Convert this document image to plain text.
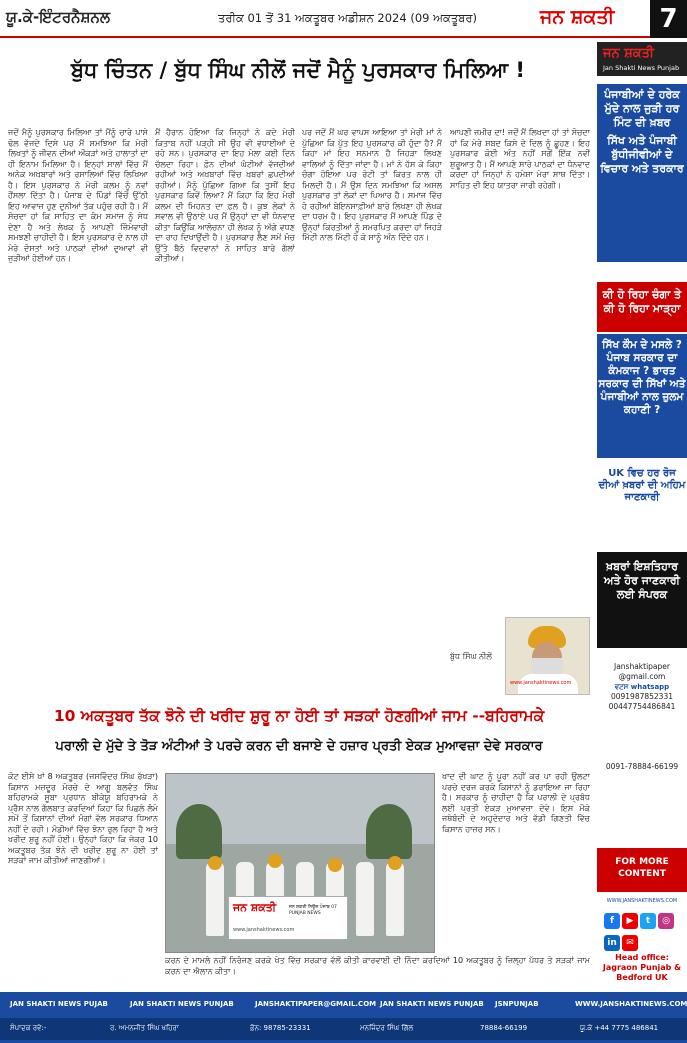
ਯੂ.ਕੇ-ਇੰਟਰਨੈਸ਼ਨਲ	ਤਰੀਕ 01 ਤੋਂ 31 ਅਕਤੂਬਰ ਅਡੀਸ਼ਨ 2024 (09 ਅਕਤੂਬਰ)	ਜਨ ਸ਼ਕਤੀ	7
ਬੁੱਧ ਚਿੰਤਨ / ਬੁੱਧ ਸਿੰਘ ਨੀਲੋਂ ਜਦੋਂ ਮੈਨੂੰ ਪੁਰਸਕਾਰ ਮਿਲਿਆ !
ਜਦੋਂ ਮੈਨੂੰ ਪੁਰਸਕਾਰ ਮਿਲਿਆ ਤਾਂ ਮੈਂਨੂੰ ਚਾਰੇ ਪਾਸੇ ਢੋਲ ਵੱਜਦੇ ਦਿਸੇ ਪਰ ਮੈਂ ਸਮਝਿਆ ਕਿ ਮੇਰੀ ਲਿਖਤਾਂ ਨੂੰ ਜੀਵਨ ਦੀਆਂ ਔਕੜਾਂ ਅਤੇ ਹਾਲਾਤਾਂ ਦਾ ਹੀ ਇਨਾਮ ਮਿਲਿਆ ਹੈ। ਇਨ੍ਹਾਂ ਸਾਲਾਂ ਵਿੱਚ ਮੈਂ ਅਨੇਕ ਅਖ਼ਬਾਰਾਂ ਅਤੇ ਰਸਾਲਿਆਂ ਵਿੱਚ ਲਿਖਿਆ ਹੈ। ਇਸ ਪੁਰਸਕਾਰ ਨੇ ਮੇਰੀ ਕਲਮ ਨੂੰ ਨਵਾਂ ਹੌਂਸਲਾ ਦਿੱਤਾ ਹੈ। ਪੰਜਾਬ ਦੇ ਪਿੰਡਾਂ ਵਿੱਚੋਂ ਉੱਠੀ ਇਹ ਆਵਾਜ਼ ਹੁਣ ਦੁਨੀਆਂ ਤੱਕ ਪਹੁੰਚ ਰਹੀ ਹੈ। ਮੈਂ ਸੋਚਦਾ ਹਾਂ ਕਿ ਸਾਹਿਤ ਦਾ ਕੰਮ ਸਮਾਜ ਨੂੰ ਸੇਧ ਦੇਣਾ ਹੈ ਅਤੇ ਲੇਖਕ ਨੂੰ ਆਪਣੀ ਜ਼ਿੰਮੇਵਾਰੀ ਸਮਝਣੀ ਚਾਹੀਦੀ ਹੈ। ਇਸ ਪੁਰਸਕਾਰ ਦੇ ਨਾਲ ਹੀ ਮੇਰੇ ਦੋਸਤਾਂ ਅਤੇ ਪਾਠਕਾਂ ਦੀਆਂ ਦੁਆਵਾਂ ਵੀ ਜੁੜੀਆਂ ਹੋਈਆਂ ਹਨ।
ਮੈਂ ਹੈਰਾਨ ਹੋਇਆ ਕਿ ਜਿਨ੍ਹਾਂ ਨੇ ਕਦੇ ਮੇਰੀ ਕਿਤਾਬ ਨਹੀਂ ਪੜ੍ਹੀ ਸੀ ਉਹ ਵੀ ਵਧਾਈਆਂ ਦੇ ਰਹੇ ਸਨ। ਪੁਰਸਕਾਰ ਦਾ ਇਹ ਮੇਲਾ ਕਈ ਦਿਨ ਚੱਲਦਾ ਰਿਹਾ। ਫ਼ੋਨ ਦੀਆਂ ਘੰਟੀਆਂ ਵੱਜਦੀਆਂ ਰਹੀਆਂ ਅਤੇ ਅਖ਼ਬਾਰਾਂ ਵਿੱਚ ਖ਼ਬਰਾਂ ਛਪਦੀਆਂ ਰਹੀਆਂ। ਮੈਨੂੰ ਪੁੱਛਿਆ ਗਿਆ ਕਿ ਤੁਸੀਂ ਇਹ ਪੁਰਸਕਾਰ ਕਿਵੇਂ ਲਿਆ? ਮੈਂ ਕਿਹਾ ਕਿ ਇਹ ਮੇਰੀ ਕਲਮ ਦੀ ਮਿਹਨਤ ਦਾ ਫ਼ਲ ਹੈ। ਕੁਝ ਲੋਕਾਂ ਨੇ ਸਵਾਲ ਵੀ ਉਠਾਏ ਪਰ ਮੈਂ ਉਨ੍ਹਾਂ ਦਾ ਵੀ ਧੰਨਵਾਦ ਕੀਤਾ ਕਿਉਂਕਿ ਆਲੋਚਨਾ ਹੀ ਲੇਖਕ ਨੂੰ ਅੱਗੇ ਵਧਣ ਦਾ ਰਾਹ ਦਿਖਾਉਂਦੀ ਹੈ। ਪੁਰਸਕਾਰ ਲੈਣ ਸਮੇਂ ਮੰਚ ਉੱਤੇ ਬੈਠੇ ਵਿਦਵਾਨਾਂ ਨੇ ਸਾਹਿਤ ਬਾਰੇ ਗੱਲਾਂ ਕੀਤੀਆਂ।
ਪਰ ਜਦੋਂ ਮੈਂ ਘਰ ਵਾਪਸ ਆਇਆ ਤਾਂ ਮੇਰੀ ਮਾਂ ਨੇ ਪੁੱਛਿਆ ਕਿ ਪੁੱਤ ਇਹ ਪੁਰਸਕਾਰ ਕੀ ਹੁੰਦਾ ਹੈ? ਮੈਂ ਕਿਹਾ ਮਾਂ ਇਹ ਸਨਮਾਨ ਹੈ ਜਿਹੜਾ ਲਿਖਣ ਵਾਲਿਆਂ ਨੂੰ ਦਿੱਤਾ ਜਾਂਦਾ ਹੈ। ਮਾਂ ਨੇ ਹੱਸ ਕੇ ਕਿਹਾ ਚੰਗਾ ਹੋਇਆ ਪਰ ਰੋਟੀ ਤਾਂ ਕਿਰਤ ਨਾਲ ਹੀ ਮਿਲਦੀ ਹੈ। ਮੈਂ ਉਸ ਦਿਨ ਸਮਝਿਆ ਕਿ ਅਸਲ ਪੁਰਸਕਾਰ ਤਾਂ ਲੋਕਾਂ ਦਾ ਪਿਆਰ ਹੈ। ਸਮਾਜ ਵਿੱਚ ਹੋ ਰਹੀਆਂ ਬੇਇਨਸਾਫ਼ੀਆਂ ਬਾਰੇ ਲਿਖਣਾ ਹੀ ਲੇਖਕ ਦਾ ਧਰਮ ਹੈ। ਇਹ ਪੁਰਸਕਾਰ ਮੈਂ ਆਪਣੇ ਪਿੰਡ ਦੇ ਉਨ੍ਹਾਂ ਕਿਰਤੀਆਂ ਨੂੰ ਸਮਰਪਿਤ ਕਰਦਾ ਹਾਂ ਜਿਹੜੇ ਮਿੱਟੀ ਨਾਲ ਮਿੱਟੀ ਹੋ ਕੇ ਸਾਨੂੰ ਅੰਨ ਦਿੰਦੇ ਹਨ।
ਆਪਣੀ ਜ਼ਮੀਰ ਦਾ! ਜਦੋਂ ਮੈਂ ਲਿਖਦਾ ਹਾਂ ਤਾਂ ਸੋਚਦਾ ਹਾਂ ਕਿ ਮੇਰੇ ਸ਼ਬਦ ਕਿਸੇ ਦੇ ਦਿਲ ਨੂੰ ਛੂਹਣ। ਇਹ ਪੁਰਸਕਾਰ ਕੋਈ ਅੰਤ ਨਹੀਂ ਸਗੋਂ ਇੱਕ ਨਵੀਂ ਸ਼ੁਰੂਆਤ ਹੈ। ਮੈਂ ਆਪਣੇ ਸਾਰੇ ਪਾਠਕਾਂ ਦਾ ਧੰਨਵਾਦ ਕਰਦਾ ਹਾਂ ਜਿਨ੍ਹਾਂ ਨੇ ਹਮੇਸ਼ਾ ਮੇਰਾ ਸਾਥ ਦਿੱਤਾ। ਸਾਹਿਤ ਦੀ ਇਹ ਯਾਤਰਾ ਜਾਰੀ ਰਹੇਗੀ।
ਬੁੱਧ ਸਿੰਘ ਨੀਲੋਂ
www.janshaktinews.com
10 ਅਕਤੂਬਰ ਤੱਕ ਝੋਨੇ ਦੀ ਖਰੀਦ ਸ਼ੁਰੂ ਨਾ ਹੋਈ ਤਾਂ ਸੜਕਾਂ ਹੋਣਗੀਆਂ ਜਾਮ --ਬਹਿਰਾਮਕੇ
ਪਰਾਲੀ ਦੇ ਮੁੱਦੇ ਤੇ ਤੋੜ ਅੰਟੀਆਂ ਤੇ ਪਰਚੇ ਕਰਨ ਦੀ ਬਜਾਏ ਦੇ ਹਜ਼ਾਰ ਪ੍ਰਤੀ ਏਕੜ ਮੁਆਵਜ਼ਾ ਦੇਵੇ ਸਰਕਾਰ
ਕੋਟ ਈਸੇ ਖਾਂ 8 ਅਕਤੂਬਰ (ਜਸਵਿੰਦਰ ਸਿੰਘ ਰੱਖੜਾ) ਕਿਸਾਨ ਮਜ਼ਦੂਰ ਮੋਰਚੇ ਦੇ ਆਗੂ ਬਲਵੰਤ ਸਿੰਘ ਬਹਿਰਾਮਕੇ ਸੂਬਾ ਪ੍ਰਧਾਨ ਬੀਕੇਯੂ ਬਹਿਰਾਮਕੇ ਨੇ ਪ੍ਰੈਸ ਨਾਲ ਗੱਲਬਾਤ ਕਰਦਿਆਂ ਕਿਹਾ ਕਿ ਪਿਛਲੇ ਲੰਮੇ ਸਮੇਂ ਤੋਂ ਕਿਸਾਨਾਂ ਦੀਆਂ ਮੰਗਾਂ ਵੱਲ ਸਰਕਾਰ ਧਿਆਨ ਨਹੀਂ ਦੇ ਰਹੀ। ਮੰਡੀਆਂ ਵਿੱਚ ਝੋਨਾ ਰੁਲ ਰਿਹਾ ਹੈ ਅਤੇ ਖਰੀਦ ਸ਼ੁਰੂ ਨਹੀਂ ਹੋਈ। ਉਨ੍ਹਾਂ ਕਿਹਾ ਕਿ ਜੇਕਰ 10 ਅਕਤੂਬਰ ਤੱਕ ਝੋਨੇ ਦੀ ਖਰੀਦ ਸ਼ੁਰੂ ਨਾ ਹੋਈ ਤਾਂ ਸੜਕਾਂ ਜਾਮ ਕੀਤੀਆਂ ਜਾਣਗੀਆਂ।
ਖਾਦ ਦੀ ਘਾਟ ਨੂੰ ਪੂਰਾ ਨਹੀਂ ਕਰ ਪਾ ਰਹੀ ਉਲਟਾ ਪਰਚੇ ਦਰਜ ਕਰਕੇ ਕਿਸਾਨਾਂ ਨੂੰ ਡਰਾਇਆ ਜਾ ਰਿਹਾ ਹੈ। ਸਰਕਾਰ ਨੂੰ ਚਾਹੀਦਾ ਹੈ ਕਿ ਪਰਾਲੀ ਦੇ ਪ੍ਰਬੰਧ ਲਈ ਪ੍ਰਤੀ ਏਕੜ ਮੁਆਵਜ਼ਾ ਦੇਵੇ। ਇਸ ਮੌਕੇ ਜਥੇਬੰਦੀ ਦੇ ਅਹੁਦੇਦਾਰ ਅਤੇ ਵੱਡੀ ਗਿਣਤੀ ਵਿੱਚ ਕਿਸਾਨ ਹਾਜ਼ਰ ਸਨ।
ਕਰਨ ਦੇ ਮਾਮਲੇ ਨਹੀਂ ਨਿਰੰਜਣ ਕਰਕੇ ਖੇਤ ਵਿੱਚ ਸਰਕਾਰ ਵੱਲੋਂ ਕੀਤੀ ਕਾਰਵਾਈ ਦੀ ਨਿੰਦਾ ਕਰਦਿਆਂ 10 ਅਕਤੂਬਰ ਨੂੰ ਜ਼ਿਲ੍ਹਾ ਪੱਧਰ ਤੇ ਸੜਕਾਂ ਜਾਮ ਕਰਨ ਦਾ ਐਲਾਨ ਕੀਤਾ।
ਜਨ ਸ਼ਕਤੀ	ਜਨ ਸ਼ਕਤੀ ਨਿਊਜ਼ ਪੰਜਾਬ 07 PUNJAB NEWS
www.janshaktinews.com
ਜਨ ਸ਼ਕਤੀ
Jan Shakti News Punjab
ਪੰਜਾਬੀਆਂ ਦੇ ਹਰੇਕ ਮੁੱਦੇ ਨਾਲ ਜੁੜੀ ਹਰ ਮਿੰਟ ਦੀ ਖ਼ਬਰ
ਸਿੱਖ ਅਤੇ ਪੰਜਾਬੀ ਬੁੱਧੀਜੀਵੀਆਂ ਦੇ ਵਿਚਾਰ ਅਤੇ ਤਰਕਾਰ
ਕੀ ਹੋ ਰਿਹਾ ਚੰਗਾ ਤੇ ਕੀ ਹੋ ਰਿਹਾ ਮਾੜ੍ਹਾ
ਸਿੱਖ ਕੌਮ ਦੇ ਮਸਲੇ ? ਪੰਜਾਬ ਸਰਕਾਰ ਦਾ ਕੰਮਕਾਜ ? ਭਾਰਤ ਸਰਕਾਰ ਦੀ ਸਿੱਖਾਂ ਅਤੇ ਪੰਜਾਬੀਆਂ ਨਾਲ ਜ਼ੁਲਮ ਕਹਾਣੀ ?
UK ਵਿਚ ਹਰ ਰੋਜ ਦੀਆਂ ਖ਼ਬਰਾਂ ਦੀ ਅਹਿਮ ਜਾਣਕਾਰੀ
ਖ਼ਬਰਾਂ ਇਸ਼ਤਿਹਾਰ ਅਤੇ ਹੋਰ ਜਾਣਕਾਰੀ ਲਈ ਸੰਪਰਕ
Janshaktipaper @gmail.com
ਵਟਸ whatsapp
0091987852331
00447754486841
0091-78884-66199
FOR MORE CONTENT
WWW.JANSHAKTINEWS.COM
f ▶ t ◎in ✉
Head office:
Jagraon Punjab & Bedford UK
JAN SHAKTI NEWS PUJAB	JAN SHAKTI NEWS PUNJAB	JANSHAKTIPAPER@GMAIL.COM JAN SHAKTI NEWS PUNJAB JSNPUNJAB	WWW.JANSHAKTINEWS.COM
ਸੰਪਾਦਕ ਰਵੇ:-	ਰ. ਅਮਨਜੀਤ ਸਿੰਘ ਖਹਿਰਾ	ਫ਼ੋਨ: 98785-23331	ਮਨਜਿੰਦਰ ਸਿੰਘ ਗਿੱਲ	78884-66199	ਯੂ.ਕੇ +44 7775 486841
